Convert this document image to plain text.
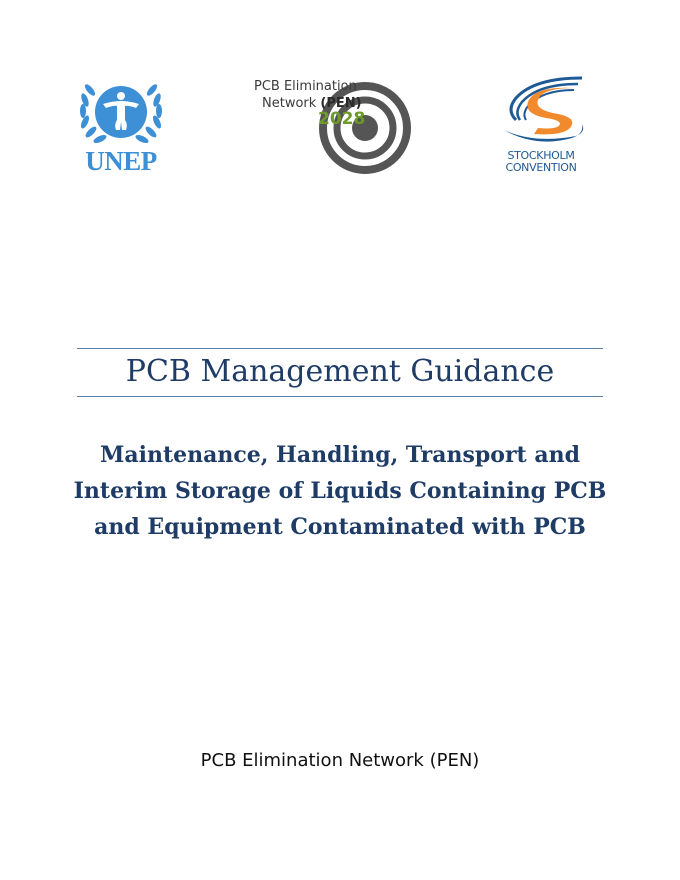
UNEP
PCB Elimination
Network (PEN)
2028
STOCKHOLM
CONVENTION
PCB Management Guidance
Maintenance, Handling, Transport and
Interim Storage of Liquids Containing PCB
and Equipment Contaminated with PCB
PCB Elimination Network (PEN)
